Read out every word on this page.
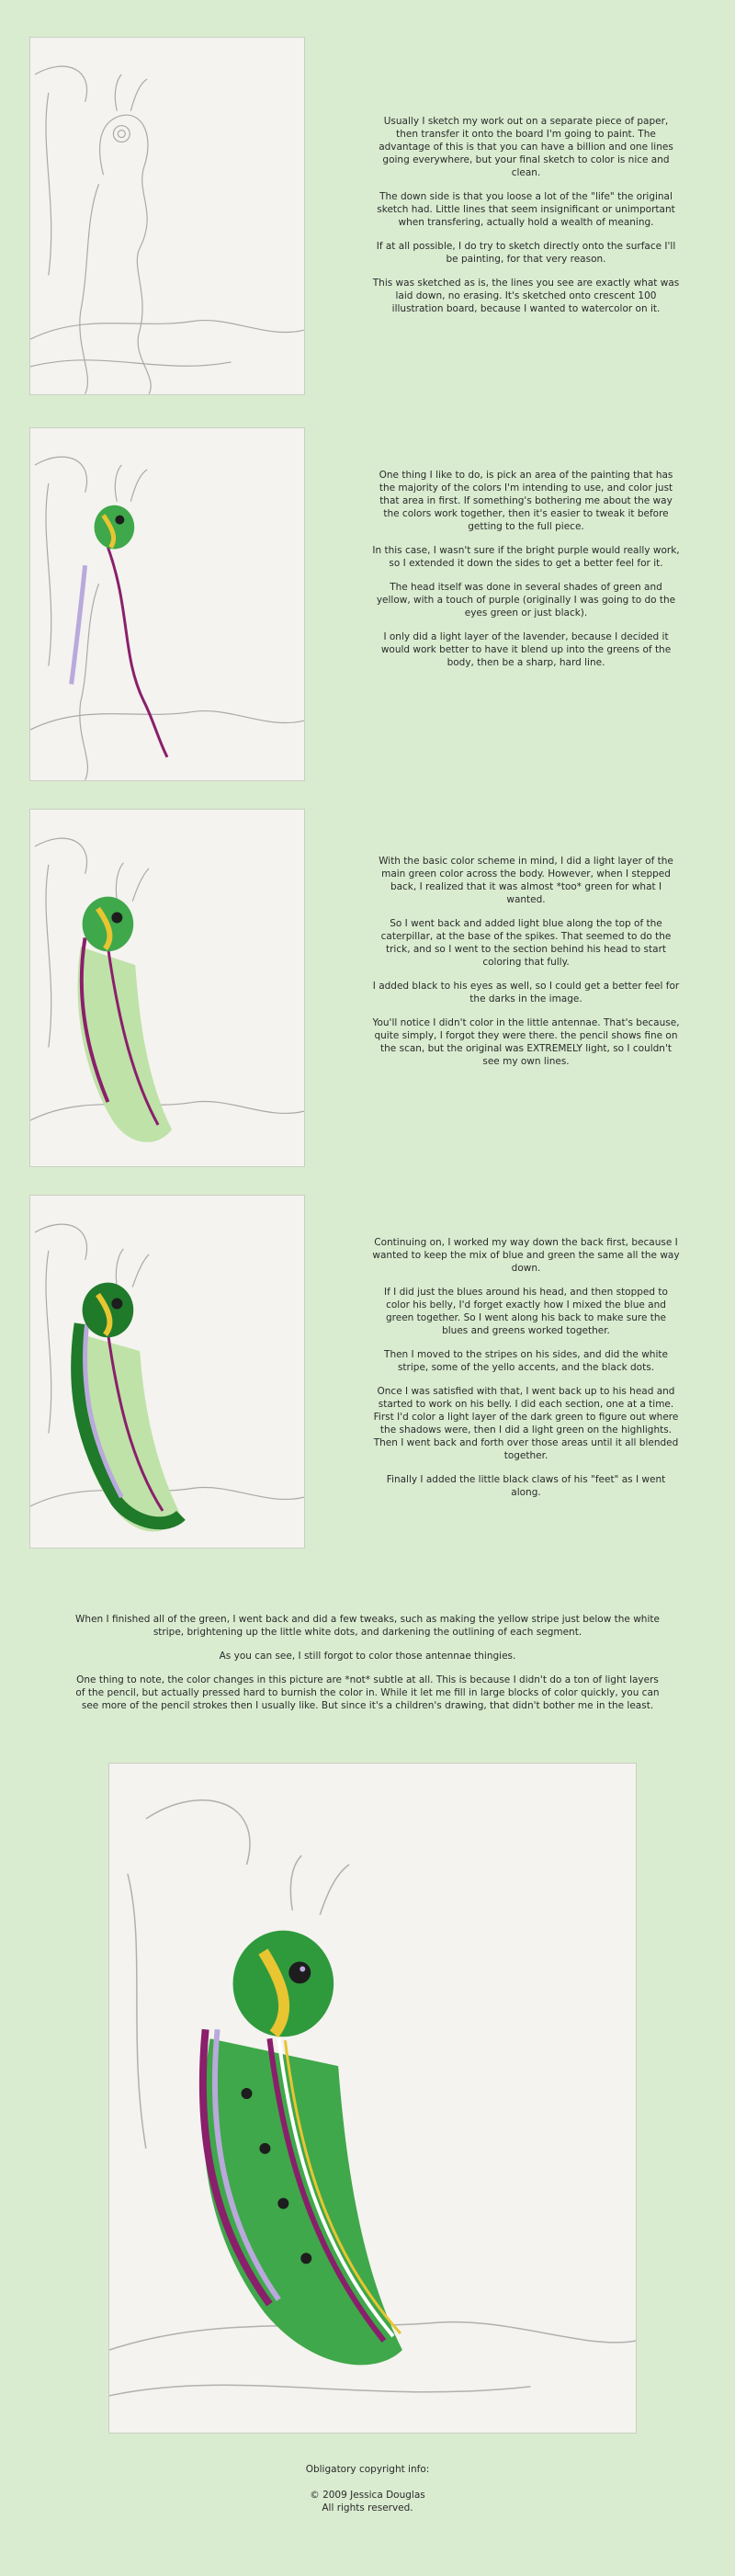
Usually I sketch my work out on a separate piece of paper, then transfer it onto the board I'm going to paint. The advantage of this is that you can have a billion and one lines going everywhere, but your final sketch to color is nice and clean.

The down side is that you loose a lot of the "life" the original sketch had. Little lines that seem insignificant or unimportant when transfering, actually hold a wealth of meaning.

If at all possible, I do try to sketch directly onto the surface I'll be painting, for that very reason.

This was sketched as is, the lines you see are exactly what was laid down, no erasing. It's sketched onto crescent 100 illustration board, because I wanted to watercolor on it.

One thing I like to do, is pick an area of the painting that has the majority of the colors I'm intending to use, and color just that area in first. If something's bothering me about the way the colors work together, then it's easier to tweak it before getting to the full piece.

In this case, I wasn't sure if the bright purple would really work, so I extended it down the sides to get a better feel for it.

The head itself was done in several shades of green and yellow, with a touch of purple (originally I was going to do the eyes green or just black).

I only did a light layer of the lavender, because I decided it would work better to have it blend up into the greens of the body, then be a sharp, hard line.

With the basic color scheme in mind, I did a light layer of the main green color across the body. However, when I stepped back, I realized that it was almost *too* green for what I wanted.

So I went back and added light blue along the top of the caterpillar, at the base of the spikes. That seemed to do the trick, and so I went to the section behind his head to start coloring that fully.

I added black to his eyes as well, so I could get a better feel for the darks in the image.

You'll notice I didn't color in the little antennae. That's because, quite simply, I forgot they were there. the pencil shows fine on the scan, but the original was EXTREMELY light, so I couldn't see my own lines.

Continuing on, I worked my way down the back first, because I wanted to keep the mix of blue and green the same all the way down.

If I did just the blues around his head, and then stopped to color his belly, I'd forget exactly how I mixed the blue and green together. So I went along his back to make sure the blues and greens worked together.

Then I moved to the stripes on his sides, and did the white stripe, some of the yello accents, and the black dots.

Once I was satisfied with that, I went back up to his head and started to work on his belly. I did each section, one at a time. First I'd color a light layer of the dark green to figure out where the shadows were, then I did a light green on the highlights. Then I went back and forth over those areas until it all blended together.

Finally I added the little black claws of his "feet" as I went along.

When I finished all of the green, I went back and did a few tweaks, such as making the yellow stripe just below the white stripe, brightening up the little white dots, and darkening the outlining of each segment.

As you can see, I still forgot to color those antennae thingies.

One thing to note, the color changes in this picture are *not* subtle at all. This is because I didn't do a ton of light layers of the pencil, but actually pressed hard to burnish the color in. While it let me fill in large blocks of color quickly, you can see more of the pencil strokes then I usually like. But since it's a children's drawing, that didn't bother me in the least.

Obligatory copyright info:
© 2009 Jessica Douglas
All rights reserved.
